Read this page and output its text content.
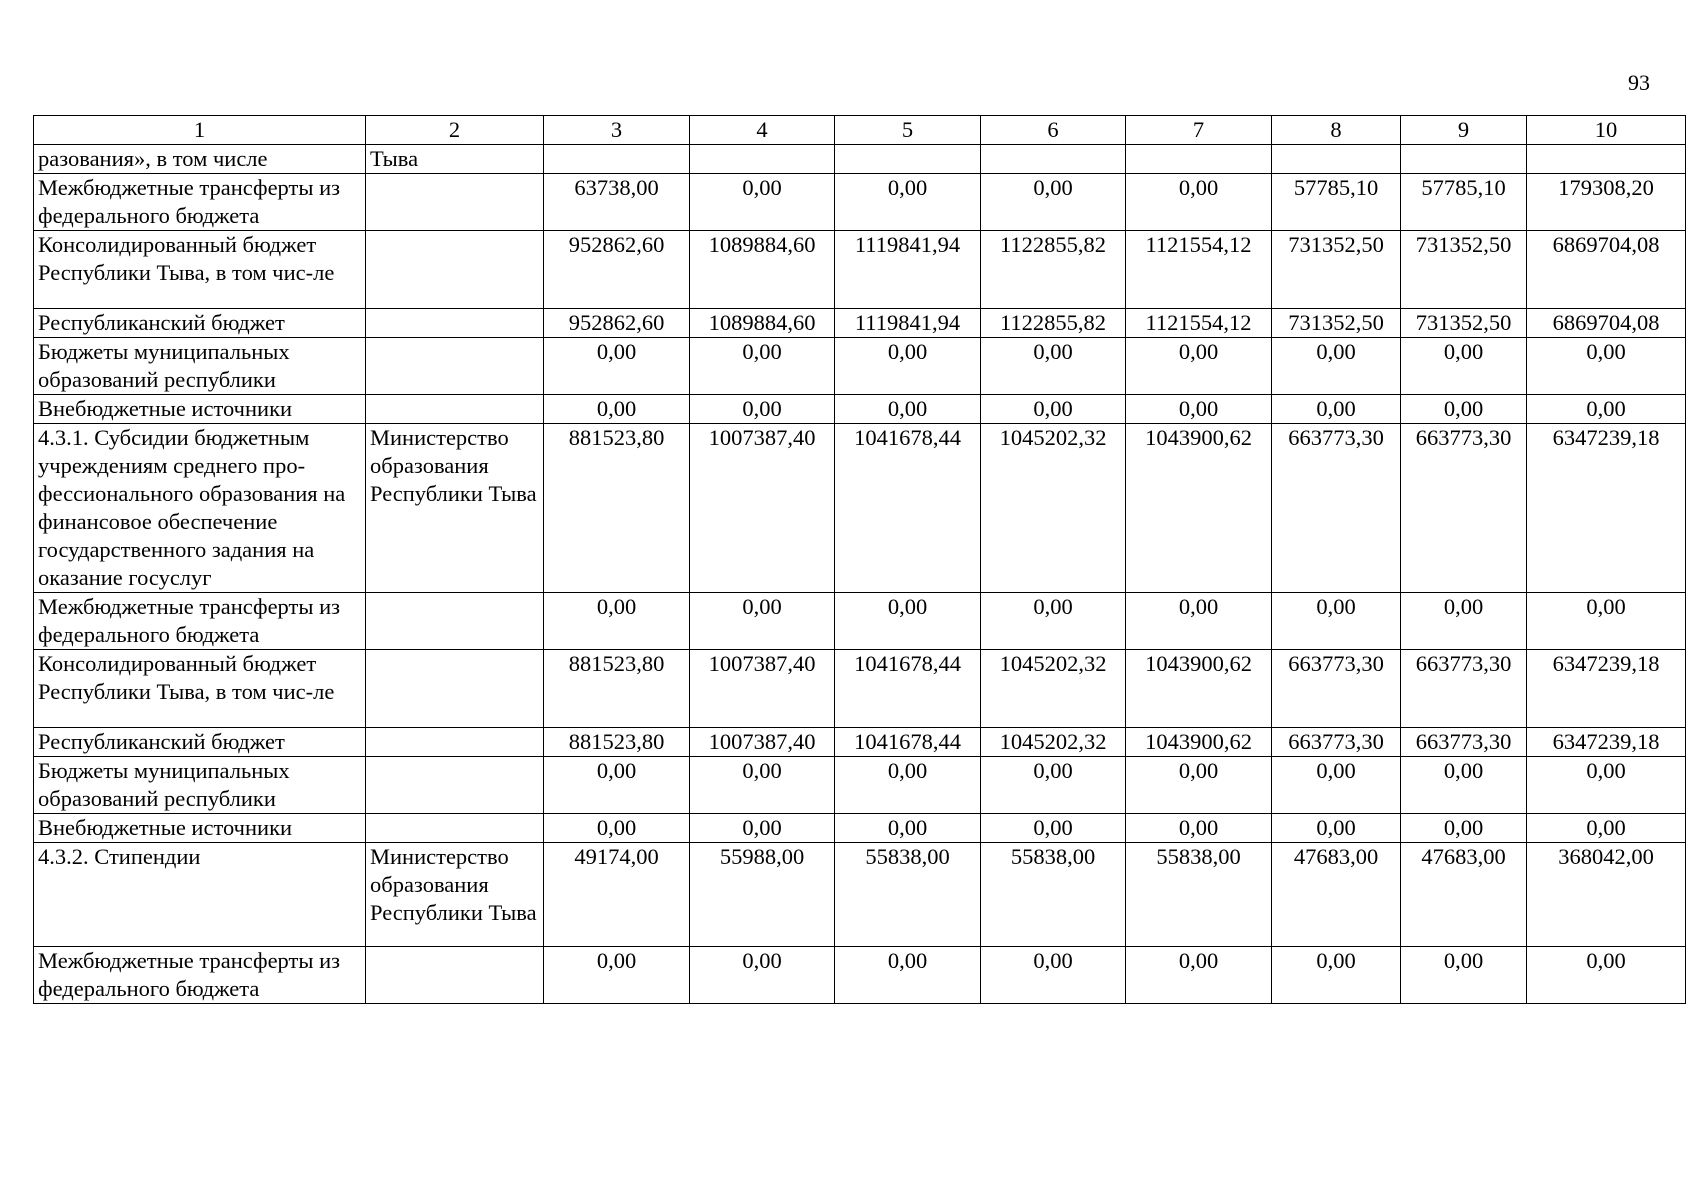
93
1	2	3	4	5	6	7	8	9	10
разования», в том числе	Тыва								
Межбюджетные трансферты из федерального бюджета		63738,00	0,00	0,00	0,00	0,00	57785,10	57785,10	179308,20
Консолидированный бюджет Республики Тыва, в том чис-ле		952862,60	1089884,60	1119841,94	1122855,82	1121554,12	731352,50	731352,50	6869704,08
Республиканский бюджет		952862,60	1089884,60	1119841,94	1122855,82	1121554,12	731352,50	731352,50	6869704,08
Бюджеты муниципальных образований республики		0,00	0,00	0,00	0,00	0,00	0,00	0,00	0,00
Внебюджетные источники		0,00	0,00	0,00	0,00	0,00	0,00	0,00	0,00
4.3.1. Субсидии бюджетным учреждениям среднего про-фессионального образования на финансовое обеспечение государственного задания на оказание госуслуг	Министерство образования Республики Тыва	881523,80	1007387,40	1041678,44	1045202,32	1043900,62	663773,30	663773,30	6347239,18
Межбюджетные трансферты из федерального бюджета		0,00	0,00	0,00	0,00	0,00	0,00	0,00	0,00
Консолидированный бюджет Республики Тыва, в том чис-ле		881523,80	1007387,40	1041678,44	1045202,32	1043900,62	663773,30	663773,30	6347239,18
Республиканский бюджет		881523,80	1007387,40	1041678,44	1045202,32	1043900,62	663773,30	663773,30	6347239,18
Бюджеты муниципальных образований республики		0,00	0,00	0,00	0,00	0,00	0,00	0,00	0,00
Внебюджетные источники		0,00	0,00	0,00	0,00	0,00	0,00	0,00	0,00
4.3.2. Стипендии	Министерство образования Республики Тыва	49174,00	55988,00	55838,00	55838,00	55838,00	47683,00	47683,00	368042,00
Межбюджетные трансферты из федерального бюджета		0,00	0,00	0,00	0,00	0,00	0,00	0,00	0,00
